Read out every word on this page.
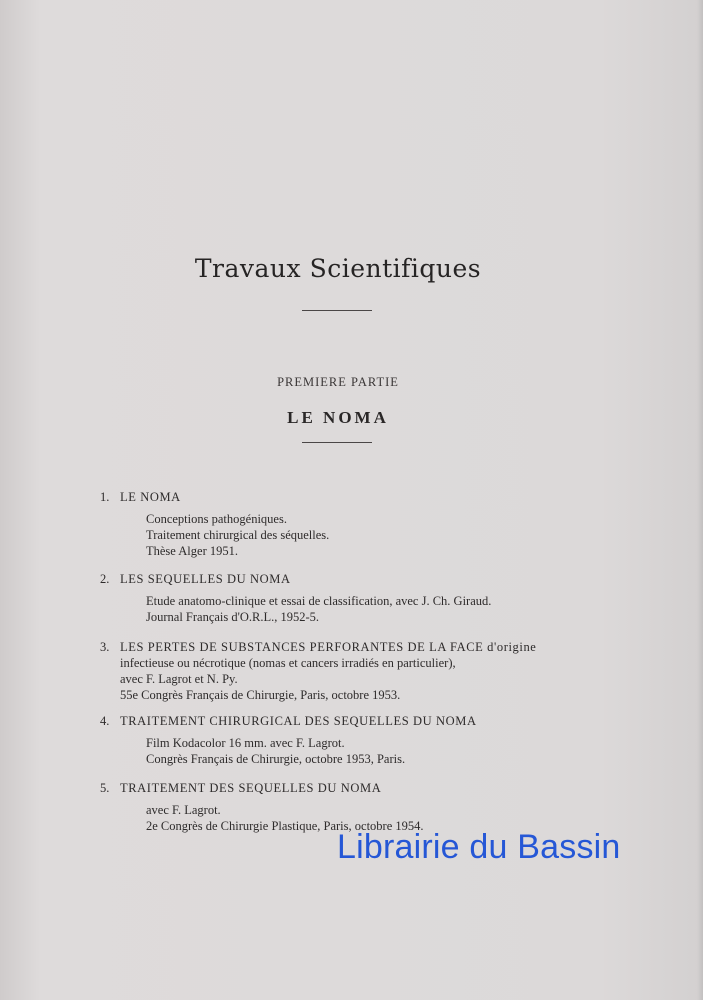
Travaux Scientifiques
PREMIERE PARTIE
LE NOMA
1. LE NOMA
Conceptions pathogéniques.
Traitement chirurgical des séquelles.
Thèse Alger 1951.
2. LES SEQUELLES DU NOMA
Etude anatomo-clinique et essai de classification, avec J. Ch. Giraud.
Journal Français d'O.R.L., 1952-5.
3. LES PERTES DE SUBSTANCES PERFORANTES DE LA FACE d'origine
infectieuse ou nécrotique (nomas et cancers irradiés en particulier),
avec F. Lagrot et N. Py.
55e Congrès Français de Chirurgie, Paris, octobre 1953.
4. TRAITEMENT CHIRURGICAL DES SEQUELLES DU NOMA
Film Kodacolor 16 mm. avec F. Lagrot.
Congrès Français de Chirurgie, octobre 1953, Paris.
5. TRAITEMENT DES SEQUELLES DU NOMA
avec F. Lagrot.
2e Congrès de Chirurgie Plastique, Paris, octobre 1954.
Librairie du Bassin
